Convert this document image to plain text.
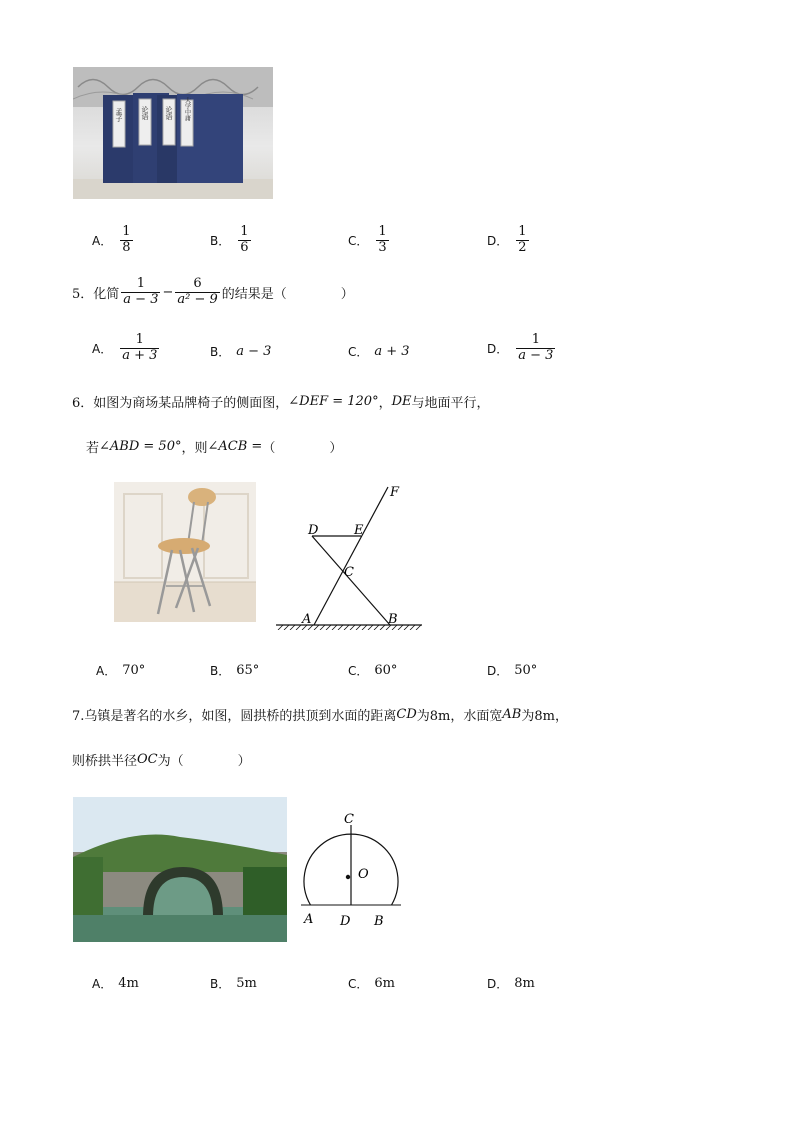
孟子	论语 论语 大学中庸
A． $\frac{1}{8}$	B． $\frac{1}{6}$	C． $\frac{1}{3}$	D． $\frac{1}{2}$
5．化简 $\frac{1}{a - 3} - \frac{6}{\text{a² − 9}}$ 的结果是（	）
A． $\frac{1}{a + 3}$	B． a − 3	C． a + 3	D． $\frac{1}{a - 3}$
6．如图为商场某品牌椅子的侧面图， ∠DEF = 120° ， DE 与地面平行，
若 ∠ABD = 50° ，则 ∠ACB = （	）
D	E
F
C
A	B
A． 70°	B． 65°	C． 60°	D． 50°
7.乌镇是著名的水乡，如图，圆拱桥的拱顶到水面的距离 CD 为8m，水面宽 AB 为8m，
则桥拱半径 OC 为（	）
C
O
A D B
A． 4m	B． 5m	C． 6m	D． 8m
